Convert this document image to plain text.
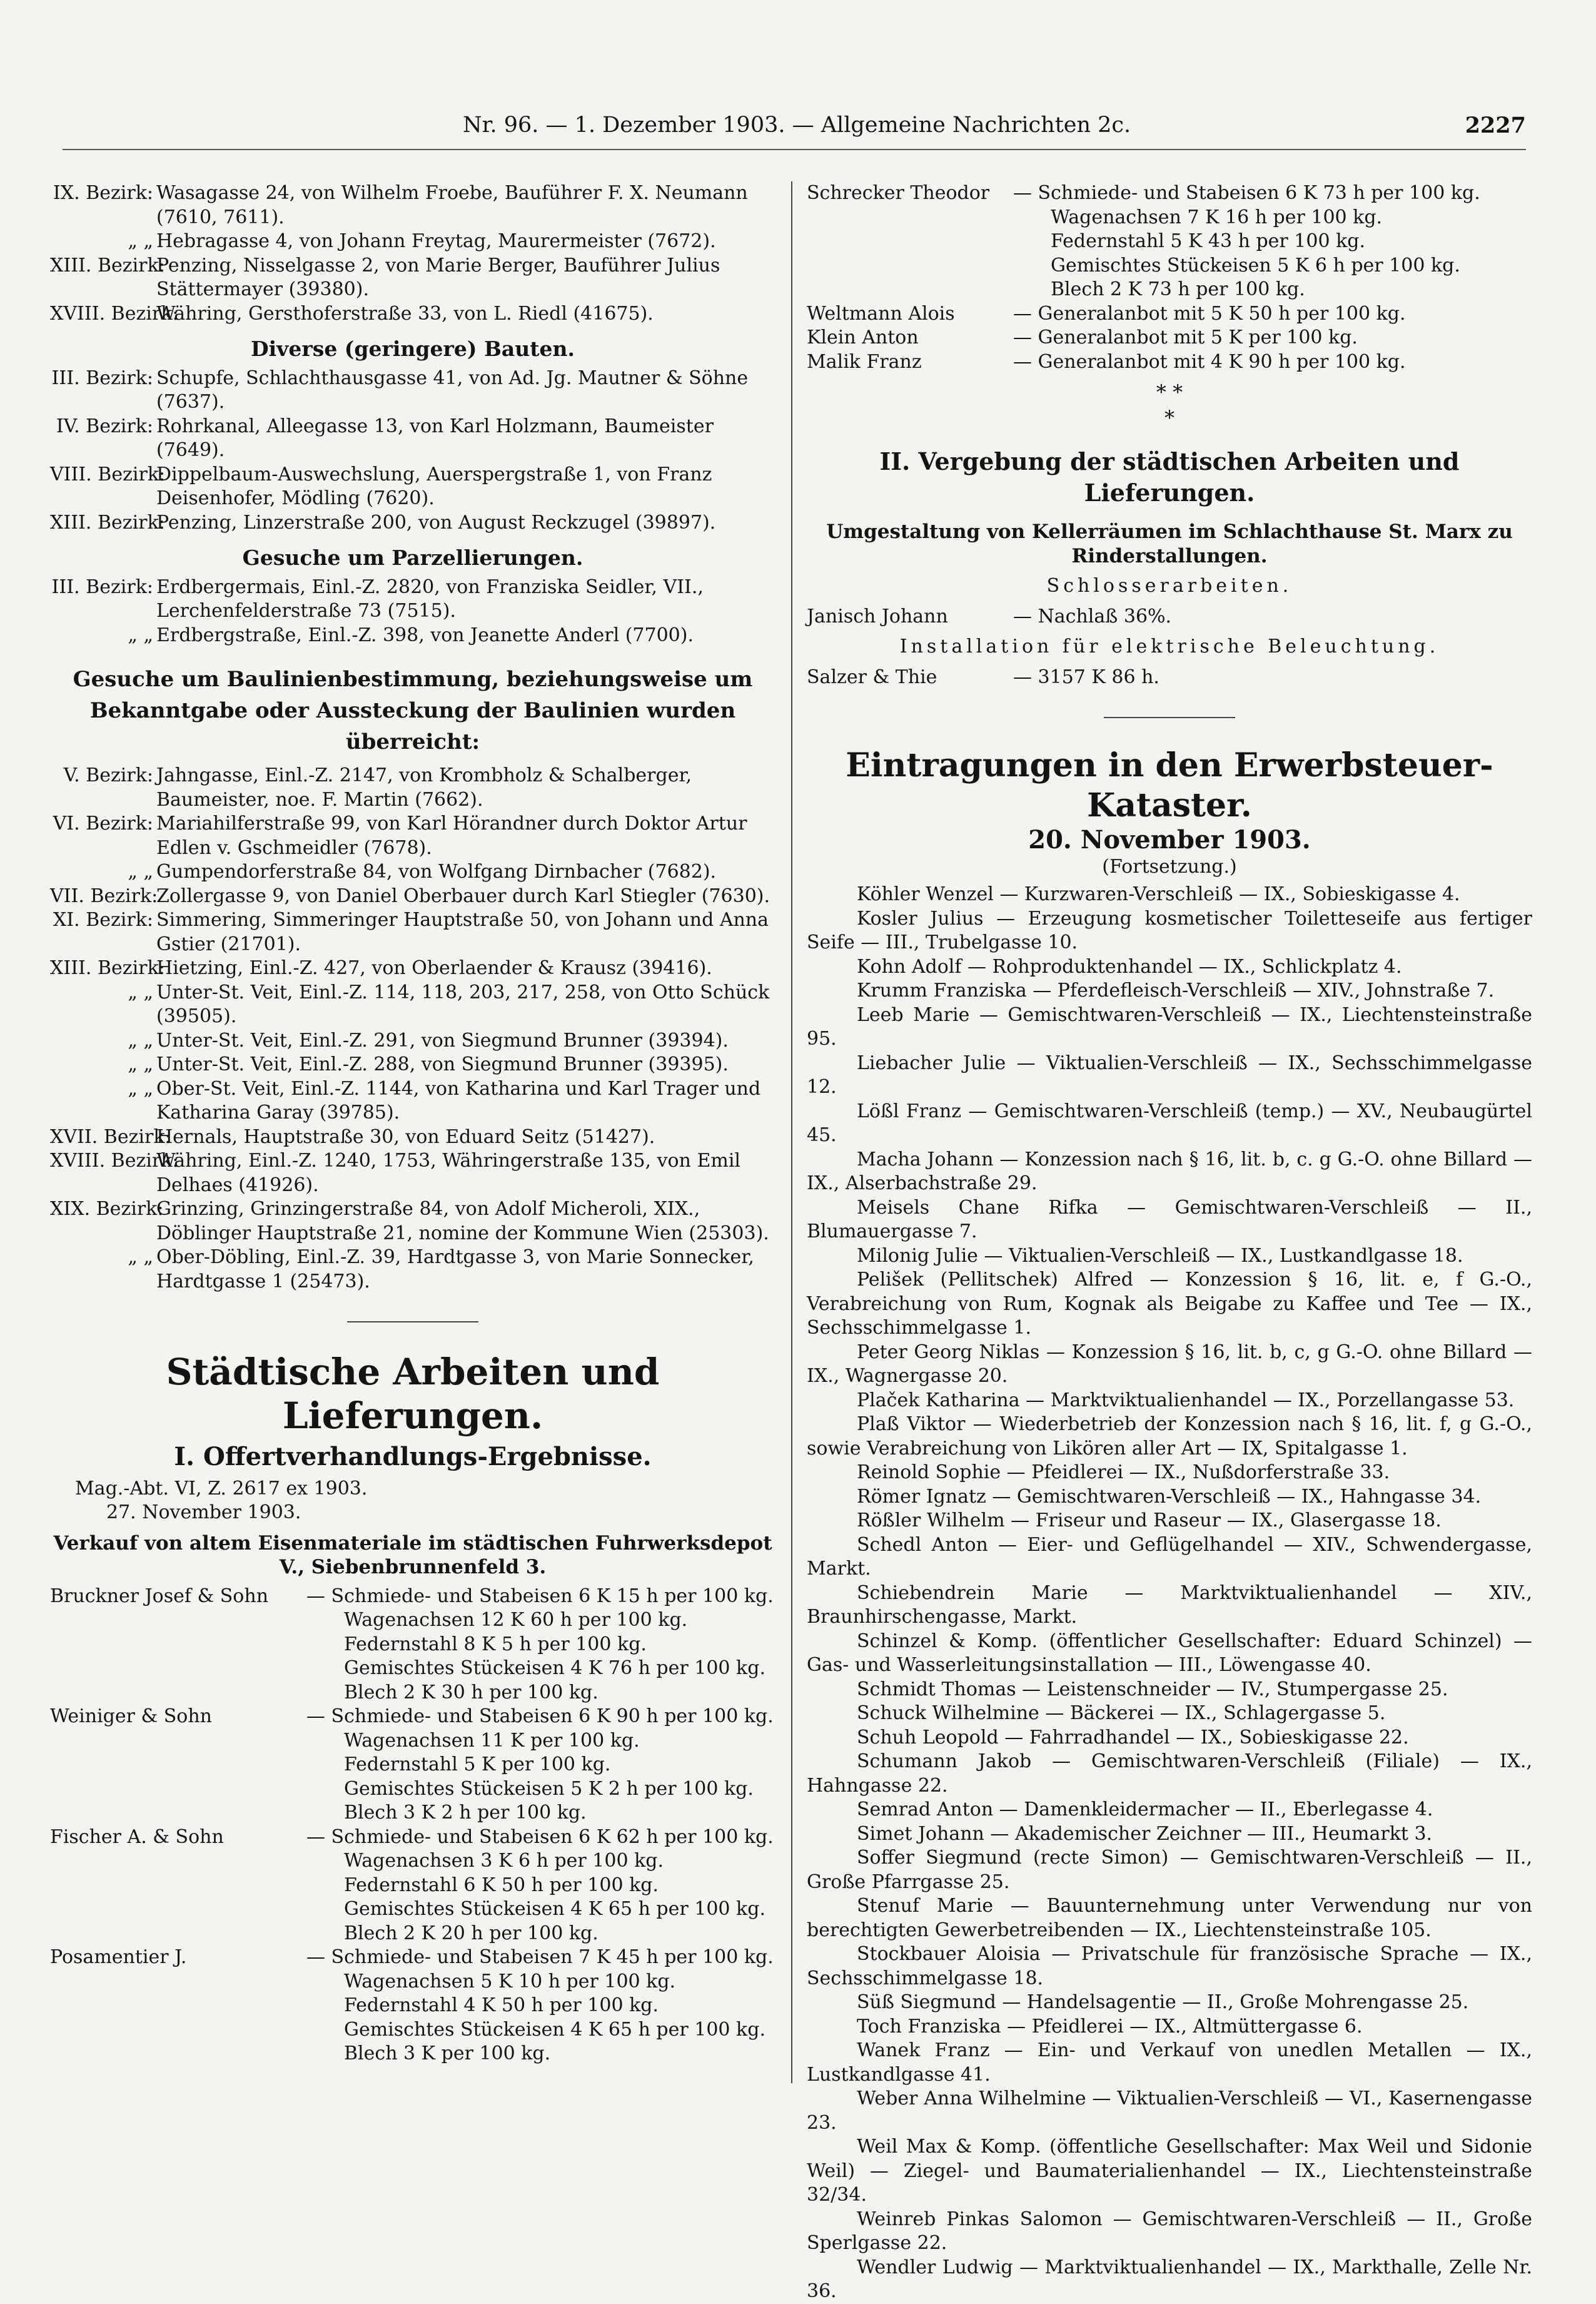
Nr. 96. — 1. Dezember 1903. — Allgemeine Nachrichten 2c.	2227
IX. Bezirk: Wasagasse 24, von Wilhelm Froebe, Bauführer F. X. Neumann (7610, 7611).
„ „ Hebragasse 4, von Johann Freytag, Maurermeister (7672).
XIII. Bezirk:
Penzing, Nisselgasse 2, von Marie Berger, Bauführer Julius Stättermayer (39380).
XVIII. Bezirk:
Währing, Gersthoferstraße 33, von L. Riedl (41675).
Diverse (geringere) Bauten.
III. Bezirk: Schupfe, Schlachthausgasse 41, von Ad. Jg. Mautner & Söhne (7637).
IV. Bezirk: Rohrkanal, Alleegasse 13, von Karl Holzmann, Baumeister (7649).
VIII. Bezirk:
Dippelbaum-Auswechslung, Auerspergstraße 1, von Franz Deisenhofer, Mödling (7620).
XIII. Bezirk:
Penzing, Linzerstraße 200, von August Reckzugel (39897).
Gesuche um Parzellierungen.
III. Bezirk: Erdbergermais, Einl.-Z. 2820, von Franziska Seidler, VII., Lerchenfelderstraße 73 (7515).
„ „ Erdbergstraße, Einl.-Z. 398, von Jeanette Anderl (7700).
Gesuche um Baulinienbestimmung, beziehungsweise um Bekanntgabe oder Aussteckung der Baulinien wurden überreicht:
V. Bezirk: Jahngasse, Einl.-Z. 2147, von Krombholz & Schalberger, Baumeister, noe. F. Martin (7662).
VI. Bezirk: Mariahilferstraße 99, von Karl Hörandner durch Doktor Artur Edlen v. Gschmeidler (7678).
„ „ Gumpendorferstraße 84, von Wolfgang Dirnbacher (7682).
VII. Bezirk:
Zollergasse 9, von Daniel Oberbauer durch Karl Stiegler (7630).
XI. Bezirk: Simmering, Simmeringer Hauptstraße 50, von Johann und Anna Gstier (21701).
XIII. Bezirk:
Hietzing, Einl.-Z. 427, von Oberlaender & Krausz (39416).
„ „ Unter-St. Veit, Einl.-Z. 114, 118, 203, 217, 258, von Otto Schück (39505).
„ „ Unter-St. Veit, Einl.-Z. 291, von Siegmund Brunner (39394).
„ „ Unter-St. Veit, Einl.-Z. 288, von Siegmund Brunner (39395).
„ „ Ober-St. Veit, Einl.-Z. 1144, von Katharina und Karl Trager und Katharina Garay (39785).
XVII. Bezirk:
Hernals, Hauptstraße 30, von Eduard Seitz (51427).
XVIII. Bezirk:
Währing, Einl.-Z. 1240, 1753, Währingerstraße 135, von Emil Delhaes (41926).
XIX. Bezirk:
Grinzing, Grinzingerstraße 84, von Adolf Micheroli, XIX., Döblinger Hauptstraße 21, nomine der Kommune Wien (25303).
„ „ Ober-Döbling, Einl.-Z. 39, Hardtgasse 3, von Marie Sonnecker, Hardtgasse 1 (25473).
Städtische Arbeiten und Lieferungen.
I. Offertverhandlungs-Ergebnisse.
Mag.-Abt. VI, Z. 2617 ex 1903.
27. November 1903.
Verkauf von altem Eisenmateriale im städtischen Fuhrwerksdepot V., Siebenbrunnenfeld 3.
Bruckner Josef & Sohn	— Schmiede- und Stabeisen 6 K 15 h per 100 kg.
Wagenachsen 12 K 60 h per 100 kg.
Federnstahl 8 K 5 h per 100 kg.
Gemischtes Stückeisen 4 K 76 h per 100 kg.
Blech 2 K 30 h per 100 kg.
Weiniger & Sohn	— Schmiede- und Stabeisen 6 K 90 h per 100 kg.
Wagenachsen 11 K per 100 kg.
Federnstahl 5 K per 100 kg.
Gemischtes Stückeisen 5 K 2 h per 100 kg.
Blech 3 K 2 h per 100 kg.
Fischer A. & Sohn	— Schmiede- und Stabeisen 6 K 62 h per 100 kg.
Wagenachsen 3 K 6 h per 100 kg.
Federnstahl 6 K 50 h per 100 kg.
Gemischtes Stückeisen 4 K 65 h per 100 kg.
Blech 2 K 20 h per 100 kg.
Posamentier J.	— Schmiede- und Stabeisen 7 K 45 h per 100 kg.
Wagenachsen 5 K 10 h per 100 kg.
Federnstahl 4 K 50 h per 100 kg.
Gemischtes Stückeisen 4 K 65 h per 100 kg.
Blech 3 K per 100 kg.
Schrecker Theodor	— Schmiede- und Stabeisen 6 K 73 h per 100 kg.
Wagenachsen 7 K 16 h per 100 kg.
Federnstahl 5 K 43 h per 100 kg.
Gemischtes Stückeisen 5 K 6 h per 100 kg.
Blech 2 K 73 h per 100 kg.
Weltmann Alois	— Generalanbot mit 5 K 50 h per 100 kg.
Klein Anton	— Generalanbot mit 5 K per 100 kg.
Malik Franz	— Generalanbot mit 4 K 90 h per 100 kg.
* *
*
II. Vergebung der städtischen Arbeiten und Lieferungen.
Umgestaltung von Kellerräumen im Schlachthause St. Marx zu Rinderstallungen.
Schlosserarbeiten.
Janisch Johann	— Nachlaß 36%.
Installation für elektrische Beleuchtung.
Salzer & Thie	— 3157 K 86 h.
Eintragungen in den Erwerbsteuer-Kataster.
20. November 1903.
(Fortsetzung.)
Köhler Wenzel — Kurzwaren-Verschleiß — IX., Sobieskigasse 4.
Kosler Julius — Erzeugung kosmetischer Toiletteseife aus fertiger Seife — III., Trubelgasse 10.
Kohn Adolf — Rohproduktenhandel — IX., Schlickplatz 4.
Krumm Franziska — Pferdefleisch-Verschleiß — XIV., Johnstraße 7.
Leeb Marie — Gemischtwaren-Verschleiß — IX., Liechtensteinstraße 95.
Liebacher Julie — Viktualien-Verschleiß — IX., Sechsschimmelgasse 12.
Lößl Franz — Gemischtwaren-Verschleiß (temp.) — XV., Neubaugürtel 45.
Macha Johann — Konzession nach § 16, lit. b, c. g G.-O. ohne Billard — IX., Alserbachstraße 29.
Meisels Chane Rifka — Gemischtwaren-Verschleiß — II., Blumauergasse 7.
Milonig Julie — Viktualien-Verschleiß — IX., Lustkandlgasse 18.
Pelišek (Pellitschek) Alfred — Konzession § 16, lit. e, f G.-O., Verabreichung von Rum, Kognak als Beigabe zu Kaffee und Tee — IX., Sechsschimmelgasse 1.
Peter Georg Niklas — Konzession § 16, lit. b, c, g G.-O. ohne Billard — IX., Wagnergasse 20.
Plaček Katharina — Marktviktualienhandel — IX., Porzellangasse 53.
Plaß Viktor — Wiederbetrieb der Konzession nach § 16, lit. f, g G.-O., sowie Verabreichung von Likören aller Art — IX, Spitalgasse 1.
Reinold Sophie — Pfeidlerei — IX., Nußdorferstraße 33.
Römer Ignatz — Gemischtwaren-Verschleiß — IX., Hahngasse 34.
Rößler Wilhelm — Friseur und Raseur — IX., Glasergasse 18.
Schedl Anton — Eier- und Geflügelhandel — XIV., Schwendergasse, Markt.
Schiebendrein Marie — Marktviktualienhandel — XIV., Braunhirschengasse, Markt.
Schinzel & Komp. (öffentlicher Gesellschafter: Eduard Schinzel) — Gas- und Wasserleitungsinstallation — III., Löwengasse 40.
Schmidt Thomas — Leistenschneider — IV., Stumpergasse 25.
Schuck Wilhelmine — Bäckerei — IX., Schlagergasse 5.
Schuh Leopold — Fahrradhandel — IX., Sobieskigasse 22.
Schumann Jakob — Gemischtwaren-Verschleiß (Filiale) — IX., Hahngasse 22.
Semrad Anton — Damenkleidermacher — II., Eberlegasse 4.
Simet Johann — Akademischer Zeichner — III., Heumarkt 3.
Soffer Siegmund (recte Simon) — Gemischtwaren-Verschleiß — II., Große Pfarrgasse 25.
Stenuf Marie — Bauunternehmung unter Verwendung nur von berechtigten Gewerbetreibenden — IX., Liechtensteinstraße 105.
Stockbauer Aloisia — Privatschule für französische Sprache — IX., Sechsschimmelgasse 18.
Süß Siegmund — Handelsagentie — II., Große Mohrengasse 25.
Toch Franziska — Pfeidlerei — IX., Altmüttergasse 6.
Wanek Franz — Ein- und Verkauf von unedlen Metallen — IX., Lustkandlgasse 41.
Weber Anna Wilhelmine — Viktualien-Verschleiß — VI., Kasernengasse 23.
Weil Max & Komp. (öffentliche Gesellschafter: Max Weil und Sidonie Weil) — Ziegel- und Baumaterialienhandel — IX., Liechtensteinstraße 32/34.
Weinreb Pinkas Salomon — Gemischtwaren-Verschleiß — II., Große Sperlgasse 22.
Wendler Ludwig — Marktviktualienhandel — IX., Markthalle, Zelle Nr. 36.
